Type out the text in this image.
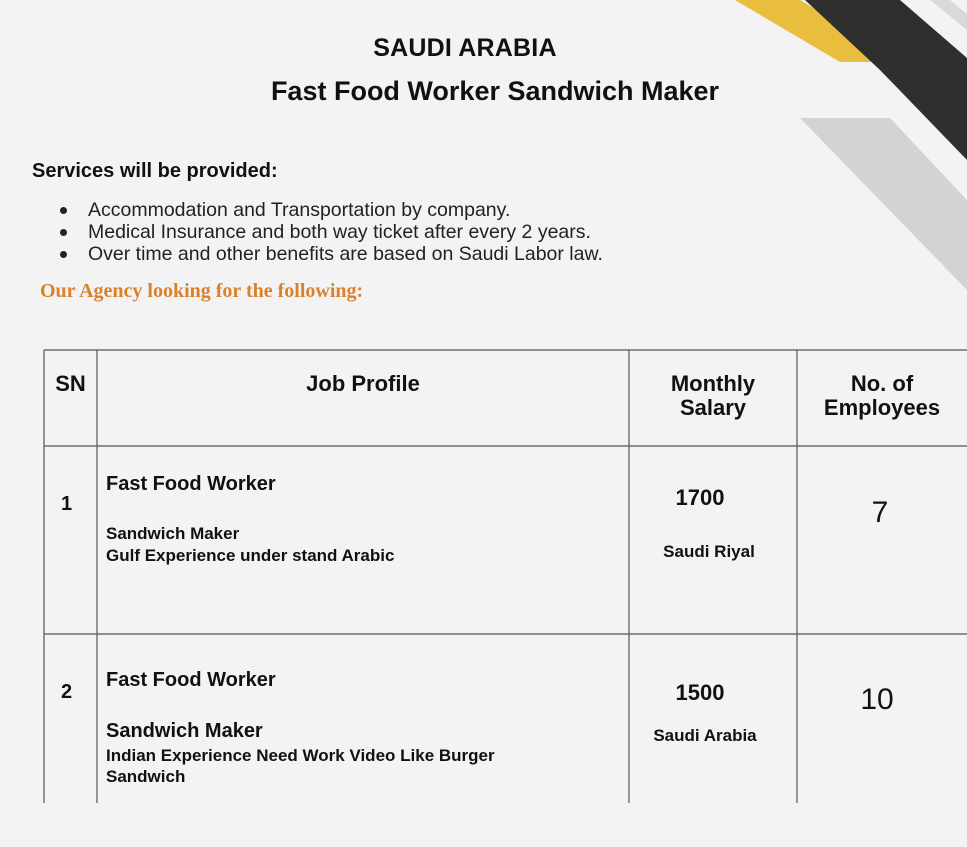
SAUDI ARABIA
Fast Food Worker Sandwich Maker
Services will be provided:
Accommodation and Transportation by company.
Medical Insurance and both way ticket after every 2 years.
Over time and other benefits are based on Saudi Labor law.
Our Agency looking for the following:
SN	Job Profile	Monthly
Salary
No. of
Employees
1
Fast Food Worker
Sandwich Maker
Gulf Experience under stand Arabic
1700
Saudi Riyal
7
2
Fast Food Worker
Sandwich Maker
Indian Experience Need Work Video Like Burger Sandwich
1500
Saudi Arabia
10
